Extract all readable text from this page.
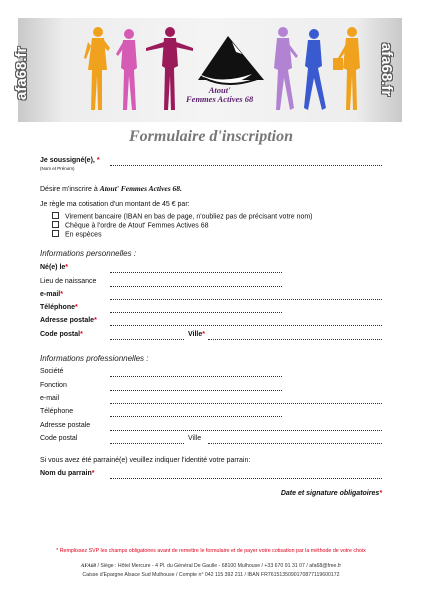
afa68.fr	afa68.fr
Atout'
Femmes Actives 68
Formulaire d'inscription
Je soussigné(e), *
(Nom et Prénom)
Désire m'inscrire à Atout' Femmes Actives 68.
Je règle ma cotisation d'un montant de 45 € par:
Virement bancaire (IBAN en bas de page, n'oubliez pas de précisant votre nom)
Chèque à l'ordre de Atout' Femmes Actives 68
En espèces
Informations personnelles :
Né(e) le*
Lieu de naissance
e-mail*
Téléphone*
Adresse postale*
Code postal*	Ville*
Informations professionnelles :
Société
Fonction
e-mail
Téléphone
Adresse postale
Code postal	Ville
Si vous avez été parrainé(e) veuillez indiquer l'identité votre parrain:
Nom du parrain*
Date et signature obligatoires*
* Remplissez SVP les champs obligatoires avant de remettre le formulaire et de payer votre cotisation par la méthode de votre choix
AFA68 / Siège : Hôtel Mercure - 4 Pl. du Général De Gaulle - 68100 Mulhouse / +33 670 91 31 07 / afa68@free.fr
Caisse d'Epargne Alsace Sud Mulhouse / Compte n° 042 115 392 211 / IBAN FR7615135090170877119600172
